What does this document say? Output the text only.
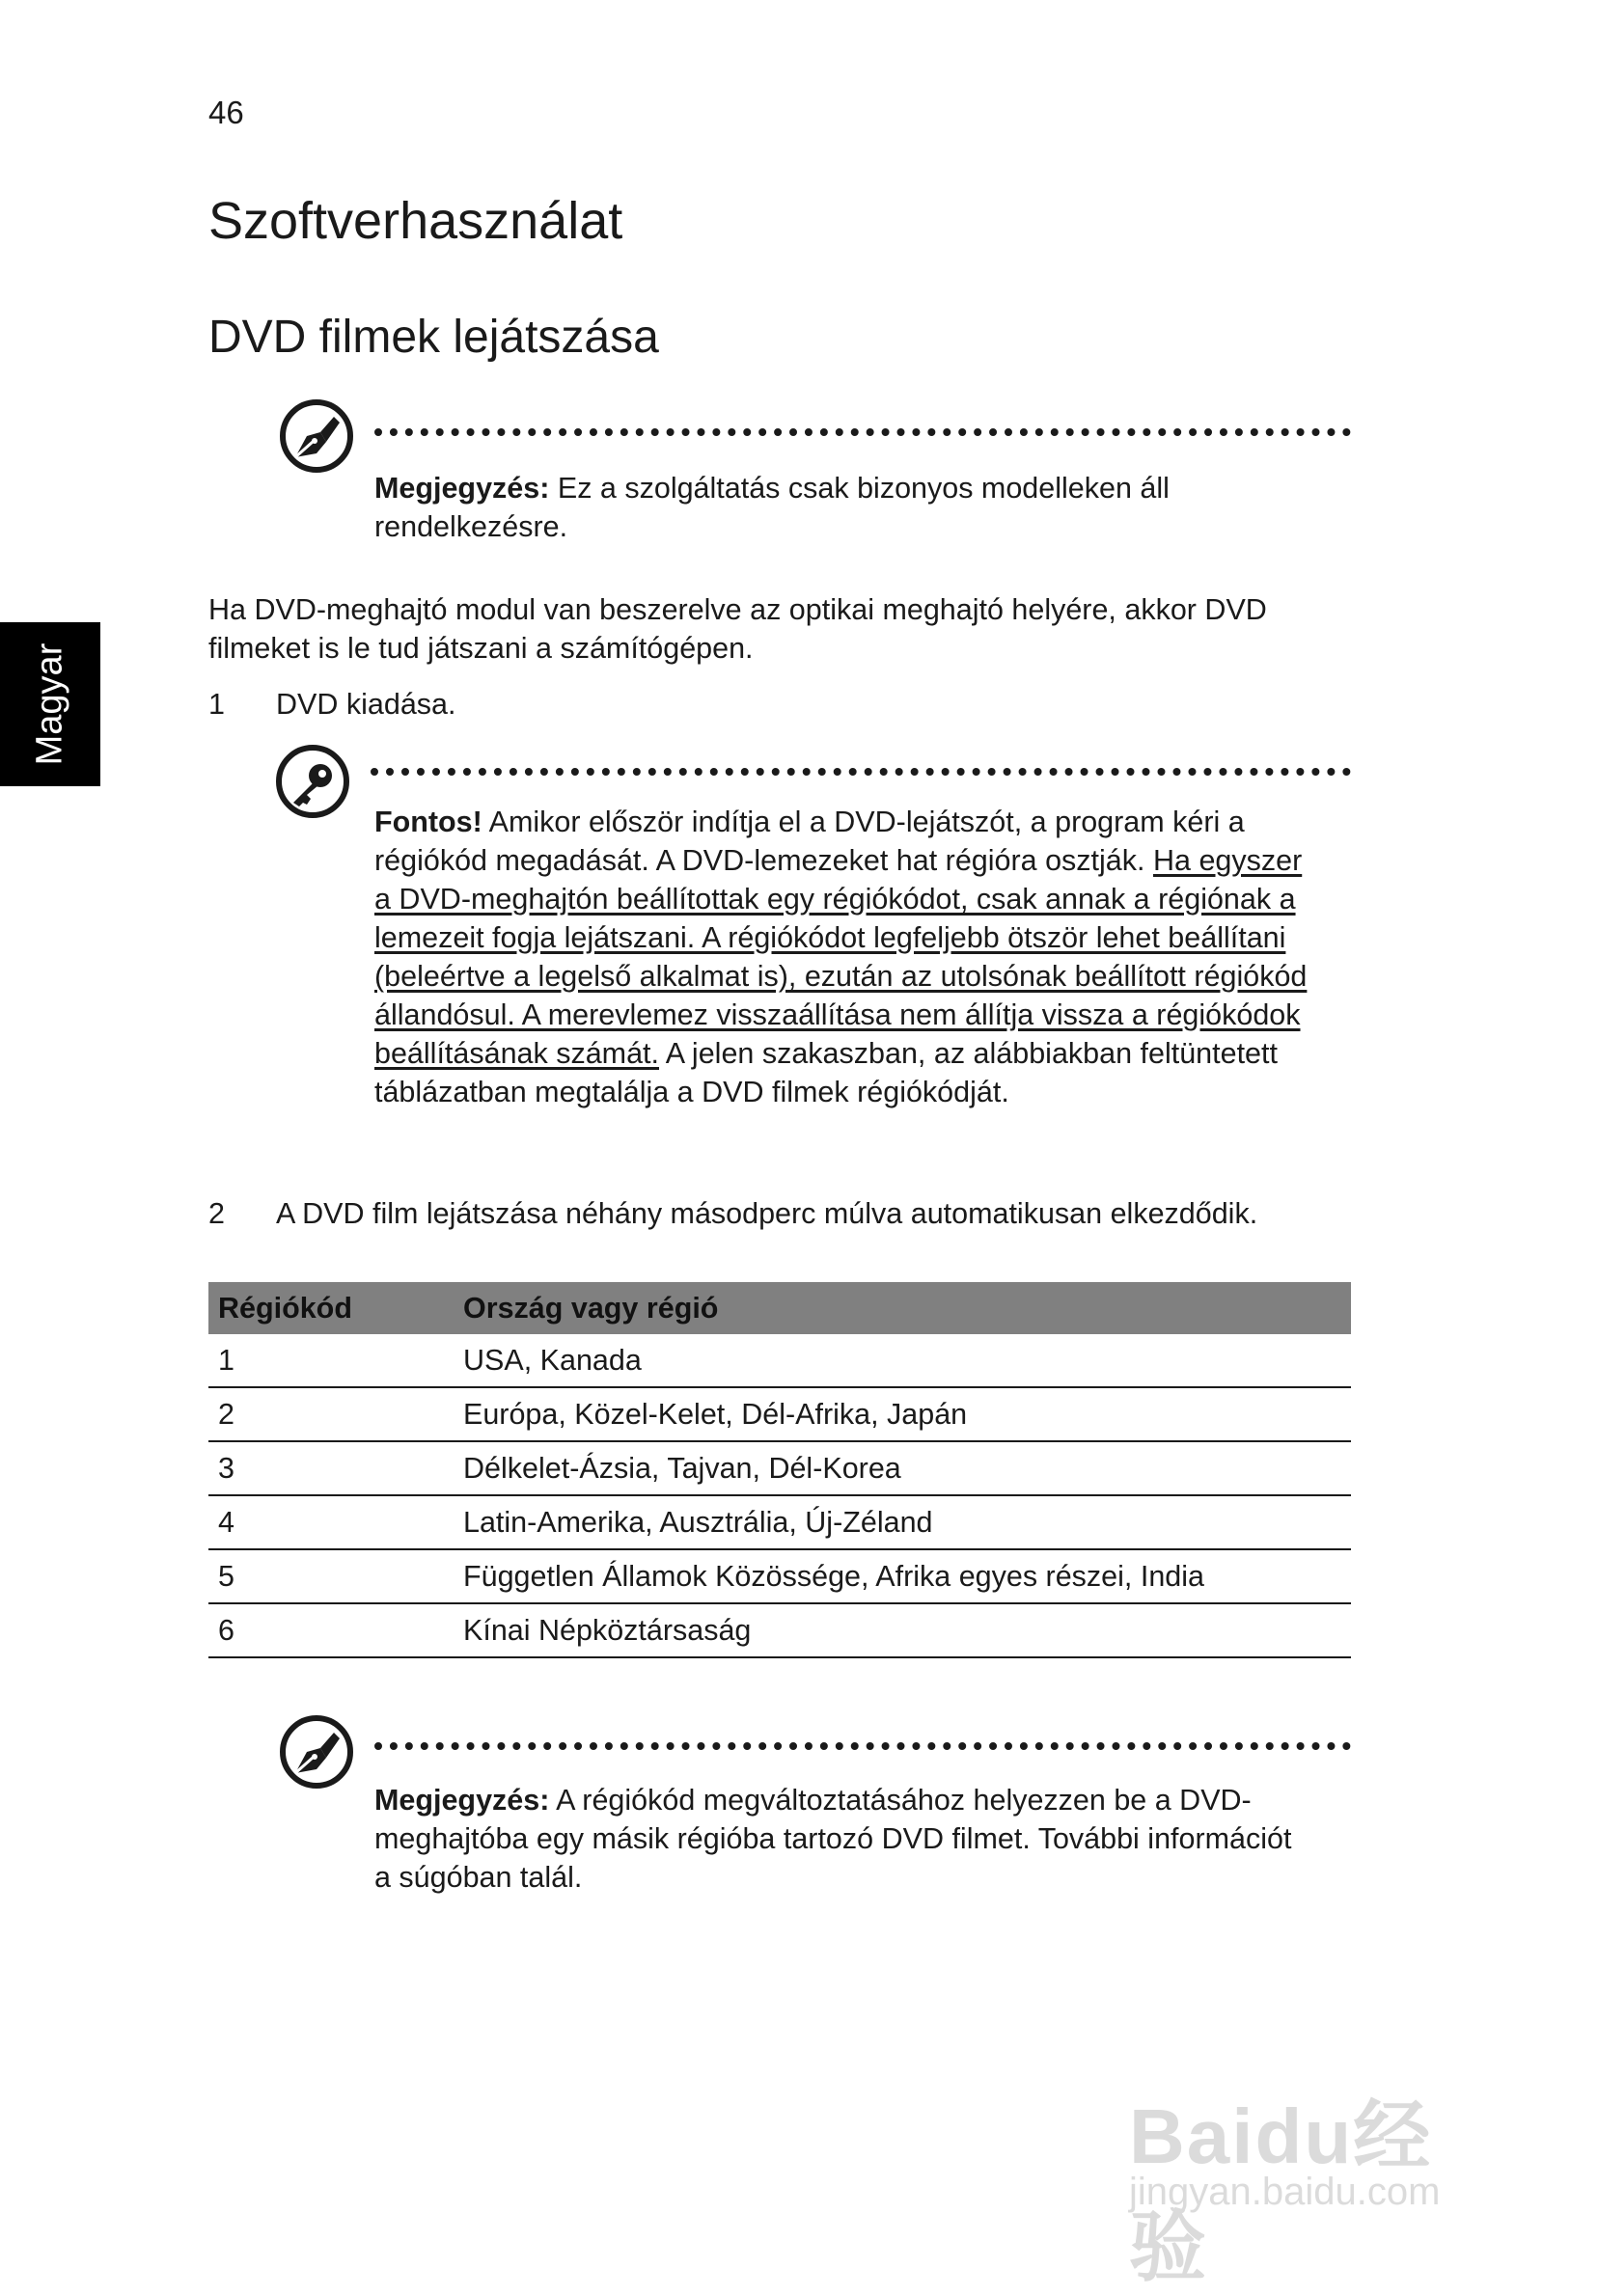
46
Szoftverhasználat
DVD filmek lejátszása
Magyar
Megjegyzés: Ez a szolgáltatás csak bizonyos modelleken áll rendelkezésre.
Ha DVD-meghajtó modul van beszerelve az optikai meghajtó helyére, akkor DVD filmeket is le tud játszani a számítógépen.
1 DVD kiadása.
Fontos! Amikor először indítja el a DVD-lejátszót, a program kéri a régiókód megadását. A DVD-lemezeket hat régióra osztják. Ha egyszer a DVD-meghajtón beállítottak egy régiókódot, csak annak a régiónak a lemezeit fogja lejátszani. A régiókódot legfeljebb ötször lehet beállítani (beleértve a legelső alkalmat is), ezután az utolsónak beállított régiókód állandósul. A merevlemez visszaállítása nem állítja vissza a régiókódok beállításának számát. A jelen szakaszban, az alábbiakban feltüntetett táblázatban megtalálja a DVD filmek régiókódját.
2 A DVD film lejátszása néhány másodperc múlva automatikusan elkezdődik.
Régiókód	Ország vagy régió
1	USA, Kanada
2	Európa, Közel-Kelet, Dél-Afrika, Japán
3	Délkelet-Ázsia, Tajvan, Dél-Korea
4	Latin-Amerika, Ausztrália, Új-Zéland
5	Független Államok Közössége, Afrika egyes részei, India
6	Kínai Népköztársaság
Megjegyzés: A régiókód megváltoztatásához helyezzen be a DVD-meghajtóba egy másik régióba tartozó DVD filmet. További információt a súgóban talál.
Baidu经验
jingyan.baidu.com
